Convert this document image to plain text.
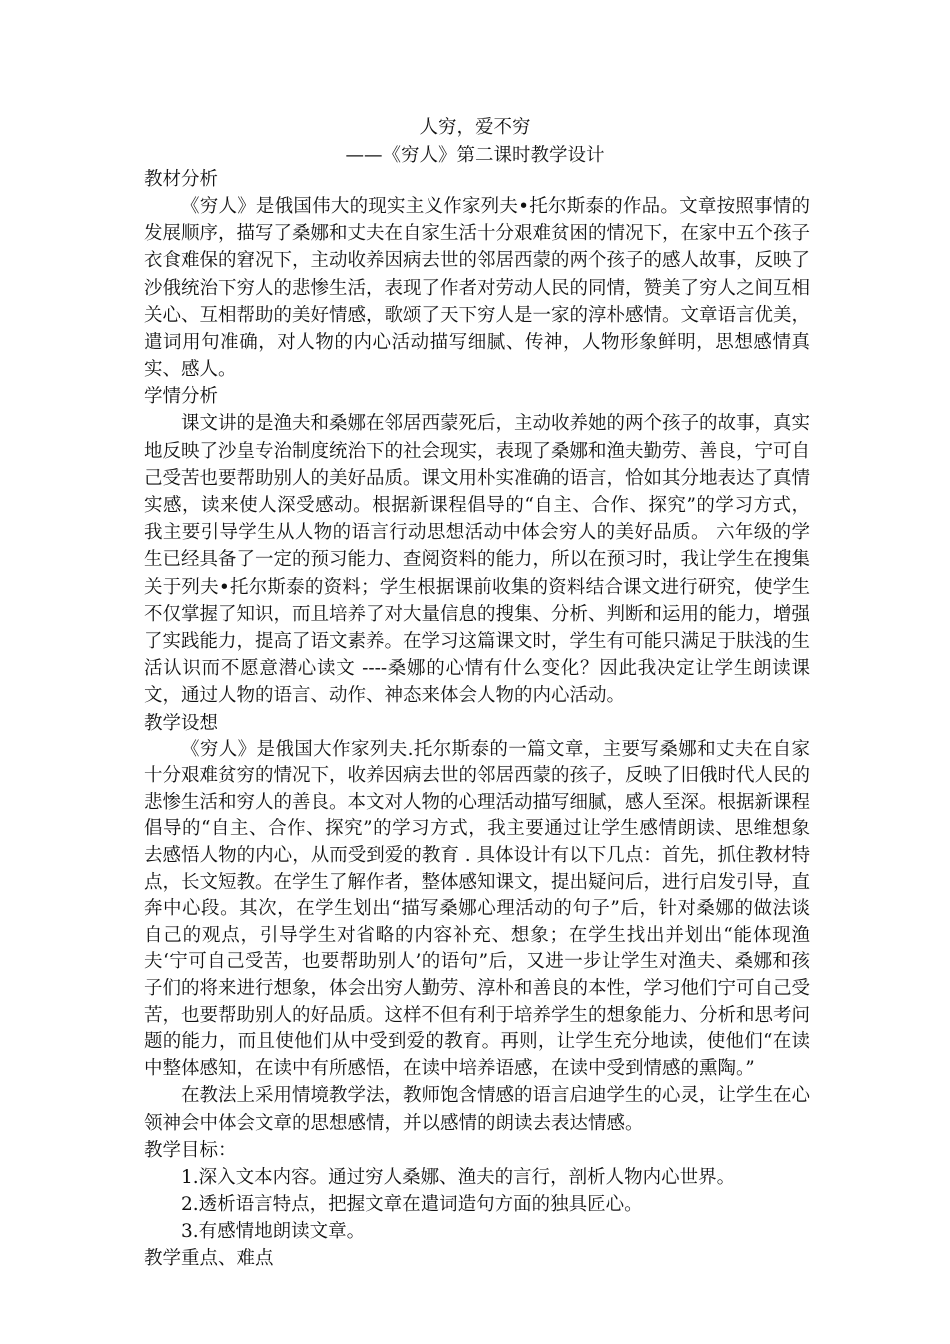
人穷，爱不穷
——《穷人》第二课时教学设计

教材分析

《穷人》是俄国伟大的现实主义作家列夫•托尔斯泰的作品。文章按照事情的发展顺序，描写了桑娜和丈夫在自家生活十分艰难贫困的情况下，在家中五个孩子衣食难保的窘况下，主动收养因病去世的邻居西蒙的两个孩子的感人故事，反映了沙俄统治下穷人的悲惨生活，表现了作者对劳动人民的同情，赞美了穷人之间互相关心、互相帮助的美好情感，歌颂了天下穷人是一家的淳朴感情。文章语言优美，遣词用句准确，对人物的内心活动描写细腻、传神，人物形象鲜明，思想感情真实、感人。

学情分析

课文讲的是渔夫和桑娜在邻居西蒙死后，主动收养她的两个孩子的故事，真实地反映了沙皇专治制度统治下的社会现实，表现了桑娜和渔夫勤劳、善良，宁可自己受苦也要帮助别人的美好品质。课文用朴实准确的语言，恰如其分地表达了真情实感，读来使人深受感动。根据新课程倡导的“自主、合作、探究”的学习方式，我主要引导学生从人物的语言行动思想活动中体会穷人的美好品质。 六年级的学生已经具备了一定的预习能力、查阅资料的能力，所以在预习时，我让学生在搜集关于列夫•托尔斯泰的资料；学生根据课前收集的资料结合课文进行研究，使学生不仅掌握了知识，而且培养了对大量信息的搜集、分析、判断和运用的能力，增强了实践能力，提高了语文素养。在学习这篇课文时，学生有可能只满足于肤浅的生活认识而不愿意潜心读文 ----桑娜的心情有什么变化？因此我决定让学生朗读课文，通过人物的语言、动作、神态来体会人物的内心活动。

教学设想

《穷人》是俄国大作家列夫.托尔斯泰的一篇文章，主要写桑娜和丈夫在自家十分艰难贫穷的情况下，收养因病去世的邻居西蒙的孩子，反映了旧俄时代人民的悲惨生活和穷人的善良。本文对人物的心理活动描写细腻，感人至深。根据新课程倡导的“自主、合作、探究”的学习方式，我主要通过让学生感情朗读、思维想象去感悟人物的内心，从而受到爱的教育 . 具体设计有以下几点：首先，抓住教材特点，长文短教。在学生了解作者，整体感知课文，提出疑问后，进行启发引导，直奔中心段。其次，在学生划出“描写桑娜心理活动的句子”后，针对桑娜的做法谈自己的观点，引导学生对省略的内容补充、想象；在学生找出并划出“能体现渔夫‘宁可自己受苦，也要帮助别人’的语句”后，又进一步让学生对渔夫、桑娜和孩子们的将来进行想象，体会出穷人勤劳、淳朴和善良的本性，学习他们宁可自己受苦，也要帮助别人的好品质。这样不但有利于培养学生的想象能力、分析和思考问题的能力，而且使他们从中受到爱的教育。再则，让学生充分地读，使他们“在读中整体感知，在读中有所感悟，在读中培养语感，在读中受到情感的熏陶。”

在教法上采用情境教学法，教师饱含情感的语言启迪学生的心灵，让学生在心领神会中体会文章的思想感情，并以感情的朗读去表达情感。

教学目标：

1.深入文本内容。通过穷人桑娜、渔夫的言行，剖析人物内心世界。

2.透析语言特点，把握文章在遣词造句方面的独具匠心。

3.有感情地朗读文章。

教学重点、难点
